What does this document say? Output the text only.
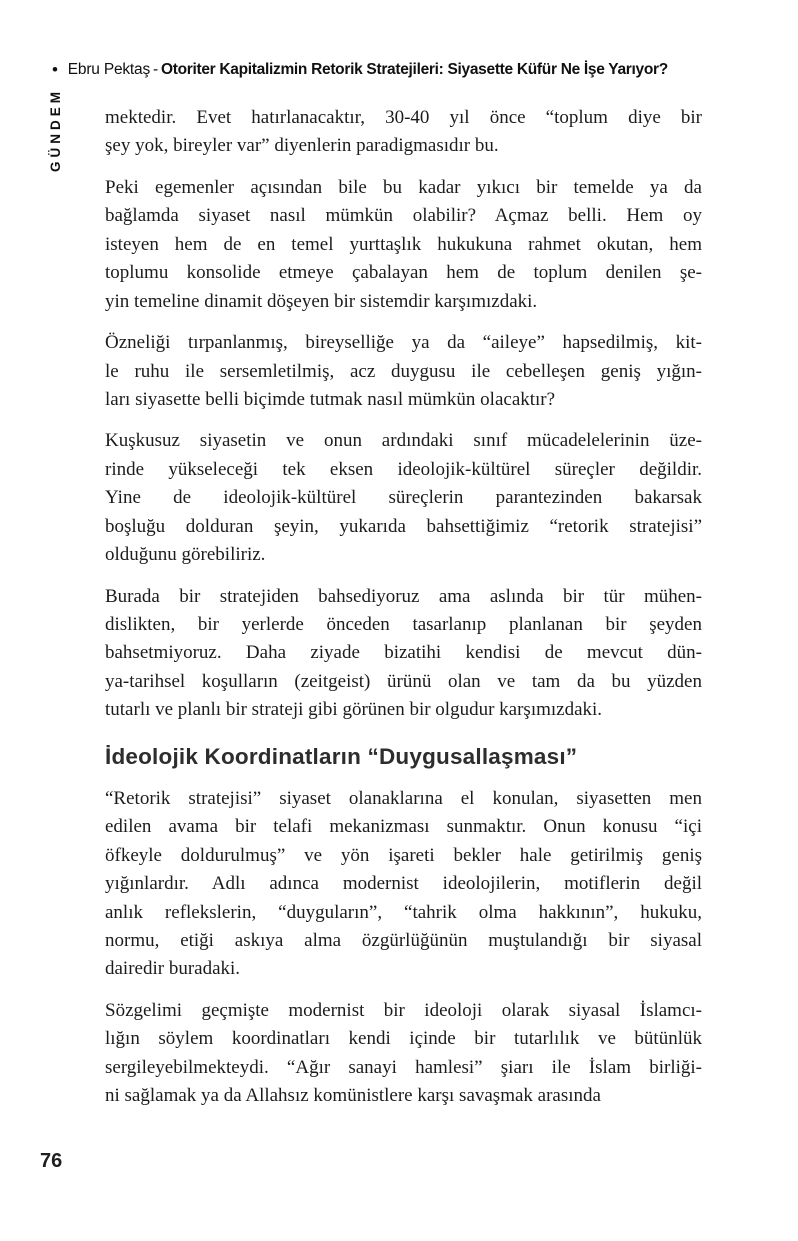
• Ebru Pektaş - Otoriter Kapitalizmin Retorik Stratejileri: Siyasette Küfür Ne İşe Yarıyor?
GÜNDEM mektedir. Evet hatırlanacaktır, 30-40 yıl önce “toplum diye bir
şey yok, bireyler var” diyenlerin paradigmasıdır bu.
Peki egemenler açısından bile bu kadar yıkıcı bir temelde ya da
bağlamda siyaset nasıl mümkün olabilir? Açmaz belli. Hem oy
isteyen hem de en temel yurttaşlık hukukuna rahmet okutan, hem
toplumu konsolide etmeye çabalayan hem de toplum denilen şe-
yin temeline dinamit döşeyen bir sistemdir karşımızdaki.
Özneliği tırpanlanmış, bireyselliğe ya da “aileye” hapsedilmiş, kit-
le ruhu ile sersemletilmiş, acz duygusu ile cebelleşen geniş yığın-
ları siyasette belli biçimde tutmak nasıl mümkün olacaktır?
Kuşkusuz siyasetin ve onun ardındaki sınıf mücadelelerinin üze-
rinde yükseleceği tek eksen ideolojik-kültürel süreçler değildir.
Yine de ideolojik-kültürel süreçlerin parantezinden bakarsak
boşluğu dolduran şeyin, yukarıda bahsettiğimiz “retorik stratejisi”
olduğunu görebiliriz.
Burada bir stratejiden bahsediyoruz ama aslında bir tür mühen-
dislikten, bir yerlerde önceden tasarlanıp planlanan bir şeyden
bahsetmiyoruz. Daha ziyade bizatihi kendisi de mevcut dün-
ya-tarihsel koşulların (zeitgeist) ürünü olan ve tam da bu yüzden
tutarlı ve planlı bir strateji gibi görünen bir olgudur karşımızdaki.
İdeolojik Koordinatların “Duygusallaşması”
“Retorik stratejisi” siyaset olanaklarına el konulan, siyasetten men
edilen avama bir telafi mekanizması sunmaktır. Onun konusu “içi
öfkeyle doldurulmuş” ve yön işareti bekler hale getirilmiş geniş
yığınlardır. Adlı adınca modernist ideolojilerin, motiflerin değil
anlık reflekslerin, “duyguların”, “tahrik olma hakkının”, hukuku,
normu, etiği askıya alma özgürlüğünün muştulandığı bir siyasal
dairedir buradaki.
Sözgelimi geçmişte modernist bir ideoloji olarak siyasal İslamcı-
lığın söylem koordinatları kendi içinde bir tutarlılık ve bütünlük
sergileyebilmekteydi. “Ağır sanayi hamlesi” şiarı ile İslam birliği-
ni sağlamak ya da Allahsız komünistlere karşı savaşmak arasında
76
